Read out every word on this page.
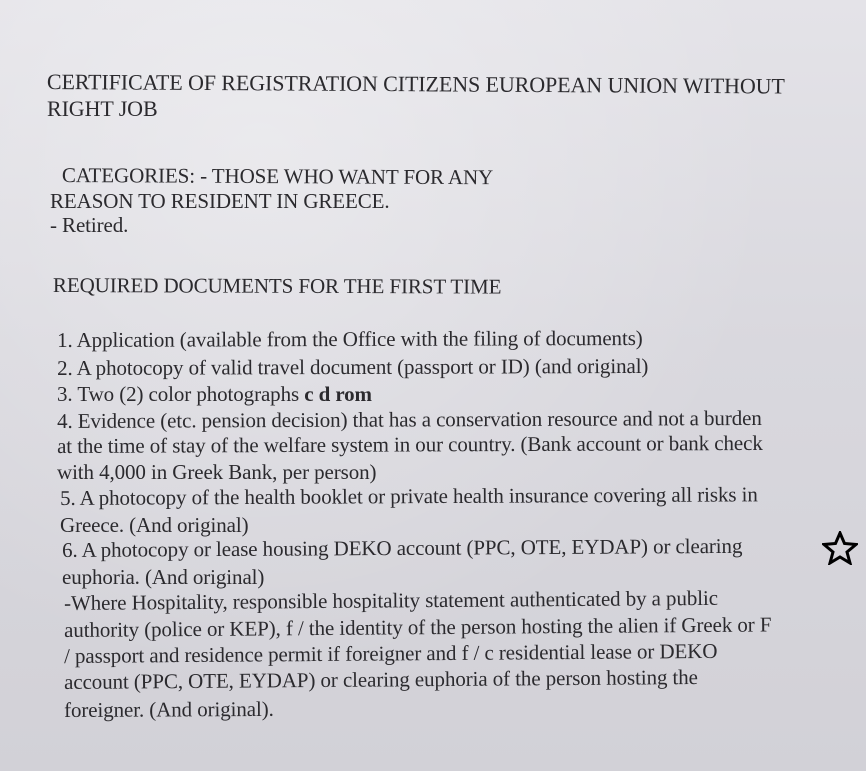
CERTIFICATE OF REGISTRATION CITIZENS EUROPEAN UNION WITHOUT
RIGHT JOB
CATEGORIES: - THOSE WHO WANT FOR ANY
REASON TO RESIDENT IN GREECE.
- Retired.
REQUIRED DOCUMENTS FOR THE FIRST TIME
1. Application (available from the Office with the filing of documents)
2. A photocopy of valid travel document (passport or ID) (and original)
3. Two (2) color photographs c d rom
4. Evidence (etc. pension decision) that has a conservation resource and not a burden
at the time of stay of the welfare system in our country. (Bank account or bank check
with 4,000 in Greek Bank, per person)
5. A photocopy of the health booklet or private health insurance covering all risks in
Greece. (And original)
6. A photocopy or lease housing DEKO account (PPC, OTE, EYDAP) or clearing
euphoria. (And original)
-Where Hospitality, responsible hospitality statement authenticated by a public
authority (police or KEP), f / the identity of the person hosting the alien if Greek or F
/ passport and residence permit if foreigner and f / c residential lease or DEKO
account (PPC, OTE, EYDAP) or clearing euphoria of the person hosting the
foreigner. (And original).
